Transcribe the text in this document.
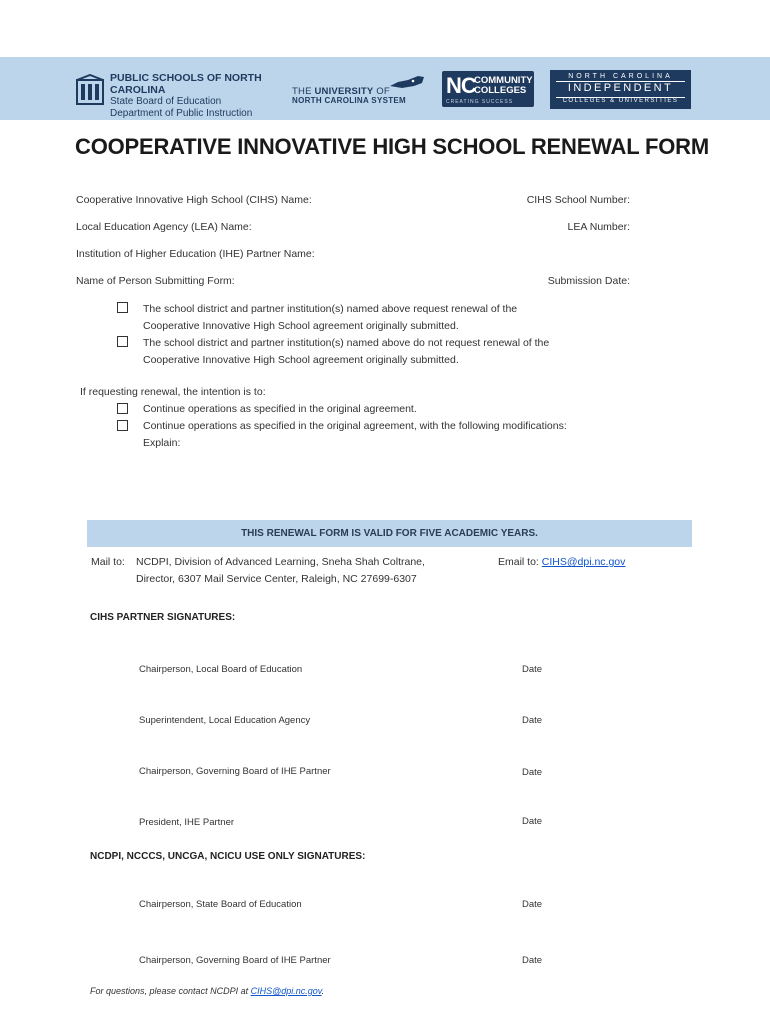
PUBLIC SCHOOLS OF NORTH CAROLINA
State Board of Education
Department of Public Instruction
THE UNIVERSITY OF
NORTH CAROLINA SYSTEM
NC
COMMUNITY
COLLEGES
CREATING SUCCESS
NORTH CAROLINA
INDEPENDENT
COLLEGES & UNIVERSITIES
COOPERATIVE INNOVATIVE HIGH SCHOOL RENEWAL FORM
Cooperative Innovative High School (CIHS) Name:	CIHS School Number:
Local Education Agency (LEA) Name:	LEA Number:
Institution of Higher Education (IHE) Partner Name:
Name of Person Submitting Form:	Submission Date:
The school district and partner institution(s) named above request renewal of the
Cooperative Innovative High School agreement originally submitted.
The school district and partner institution(s) named above do not request renewal of the
Cooperative Innovative High School agreement originally submitted.
If requesting renewal, the intention is to:
Continue operations as specified in the original agreement.
Continue operations as specified in the original agreement, with the following modifications:
Explain:
THIS RENEWAL FORM IS VALID FOR FIVE ACADEMIC YEARS.
Mail to: NCDPI, Division of Advanced Learning, Sneha Shah Coltrane,
Director, 6307 Mail Service Center, Raleigh, NC 27699-6307
Email to: CIHS@dpi.nc.gov
CIHS PARTNER SIGNATURES:
Chairperson, Local Board of Education	Date
Superintendent, Local Education Agency	Date
Chairperson, Governing Board of IHE Partner	Date
President, IHE Partner	Date
NCDPI, NCCCS, UNCGA, NCICU USE ONLY SIGNATURES:
Chairperson, State Board of Education	Date
Chairperson, Governing Board of IHE Partner	Date
For questions, please contact NCDPI at CIHS@dpi.nc.gov.
